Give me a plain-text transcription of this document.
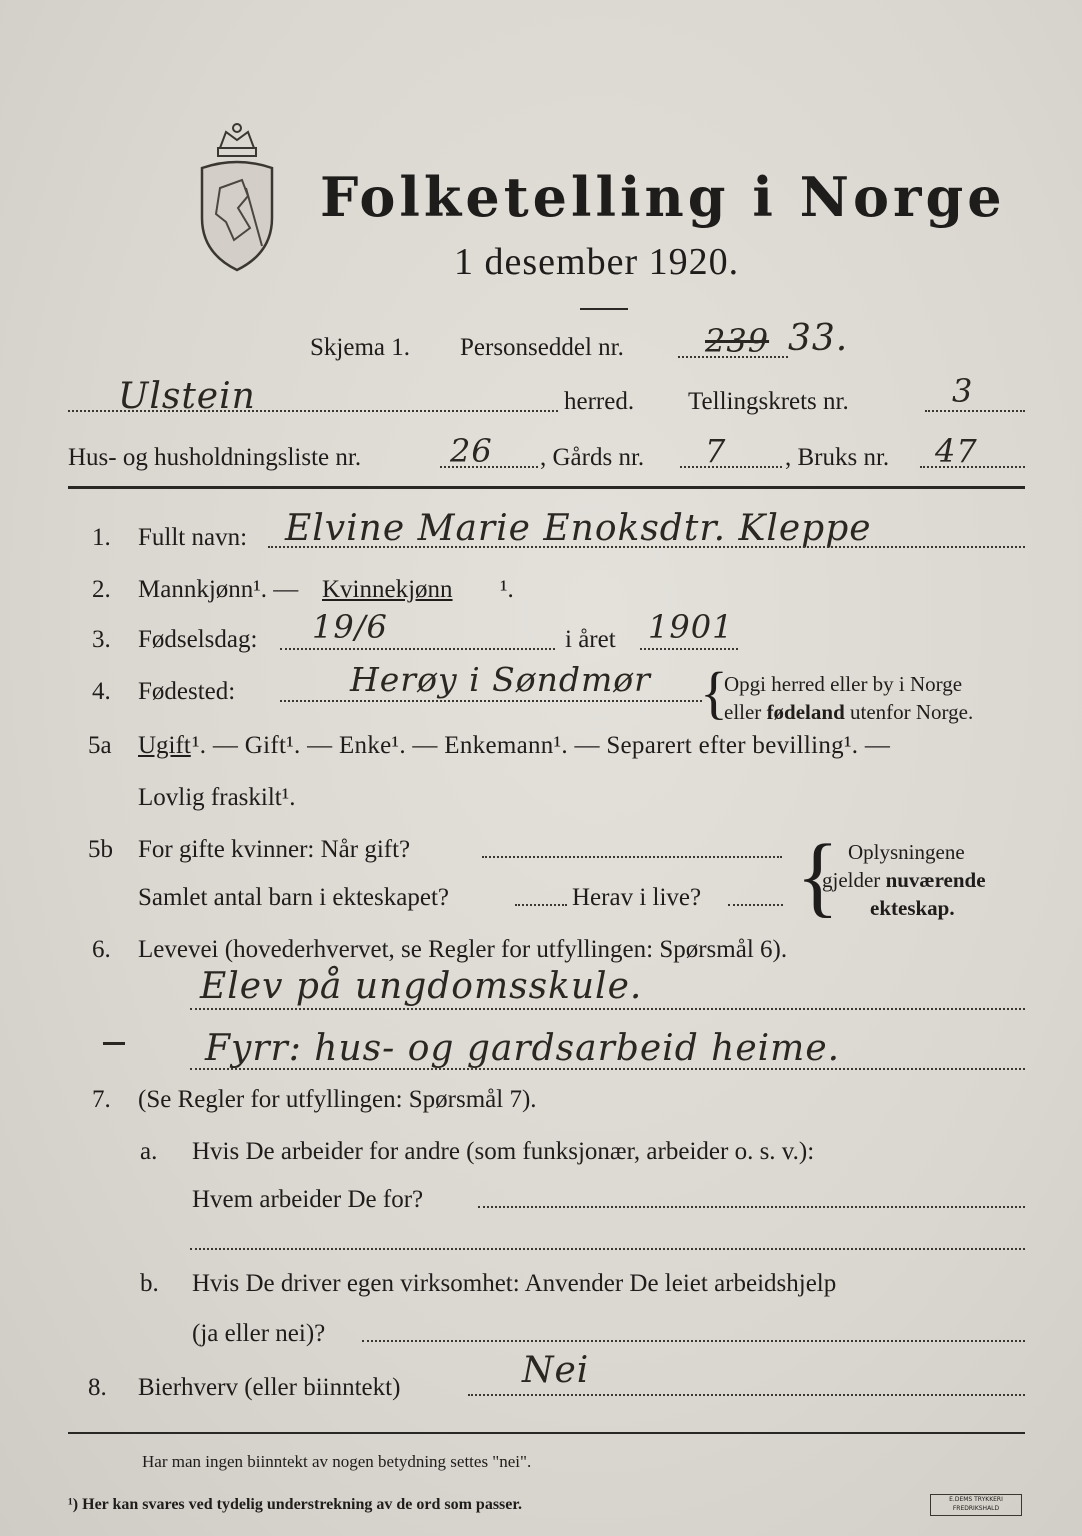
Folketelling i Norge
1 desember 1920.
Skjema 1. Personseddel nr.	239 33.
Ulstein	herred. Tellingskrets nr.	3
Hus- og husholdningsliste nr.	26 , Gårds nr. 7 , Bruks nr. 47
1. Fullt navn: Elvine Marie Enoksdtr. Kleppe
2. Mannkjønn¹. — Kvinnekjønn ¹.
3. Fødselsdag: 19/6	i året 1901
4. Fødested:	Herøy i Søndmør {
Opgi herred eller by i Norge
eller fødeland utenfor Norge.
5a Ugift ¹. — Gift¹. — Enke¹. — Enkemann¹. — Separert efter bevilling¹. —
Lovlig fraskilt¹.
5b For gifte kvinner: Når gift?
Samlet antal barn i ekteskapet?	Herav i live? { Oplysningene
gjelder nuværende
ekteskap.
6. Levevei (hovederhvervet, se Regler for utfyllingen: Spørsmål 6).
Elev på ungdomsskule.
Fyrr: hus- og gardsarbeid heime.
7. (Se Regler for utfyllingen: Spørsmål 7).
a. Hvis De arbeider for andre (som funksjonær, arbeider o. s. v.):
Hvem arbeider De for?
b. Hvis De driver egen virksomhet: Anvender De leiet arbeidshjelp
(ja eller nei)?
8. Bierhverv (eller biinntekt)	Nei
Har man ingen biinntekt av nogen betydning settes "nei".
¹) Her kan svares ved tydelig understrekning av de ord som passer.	E.DEMS TRYKKERI FREDRIKSHALD
